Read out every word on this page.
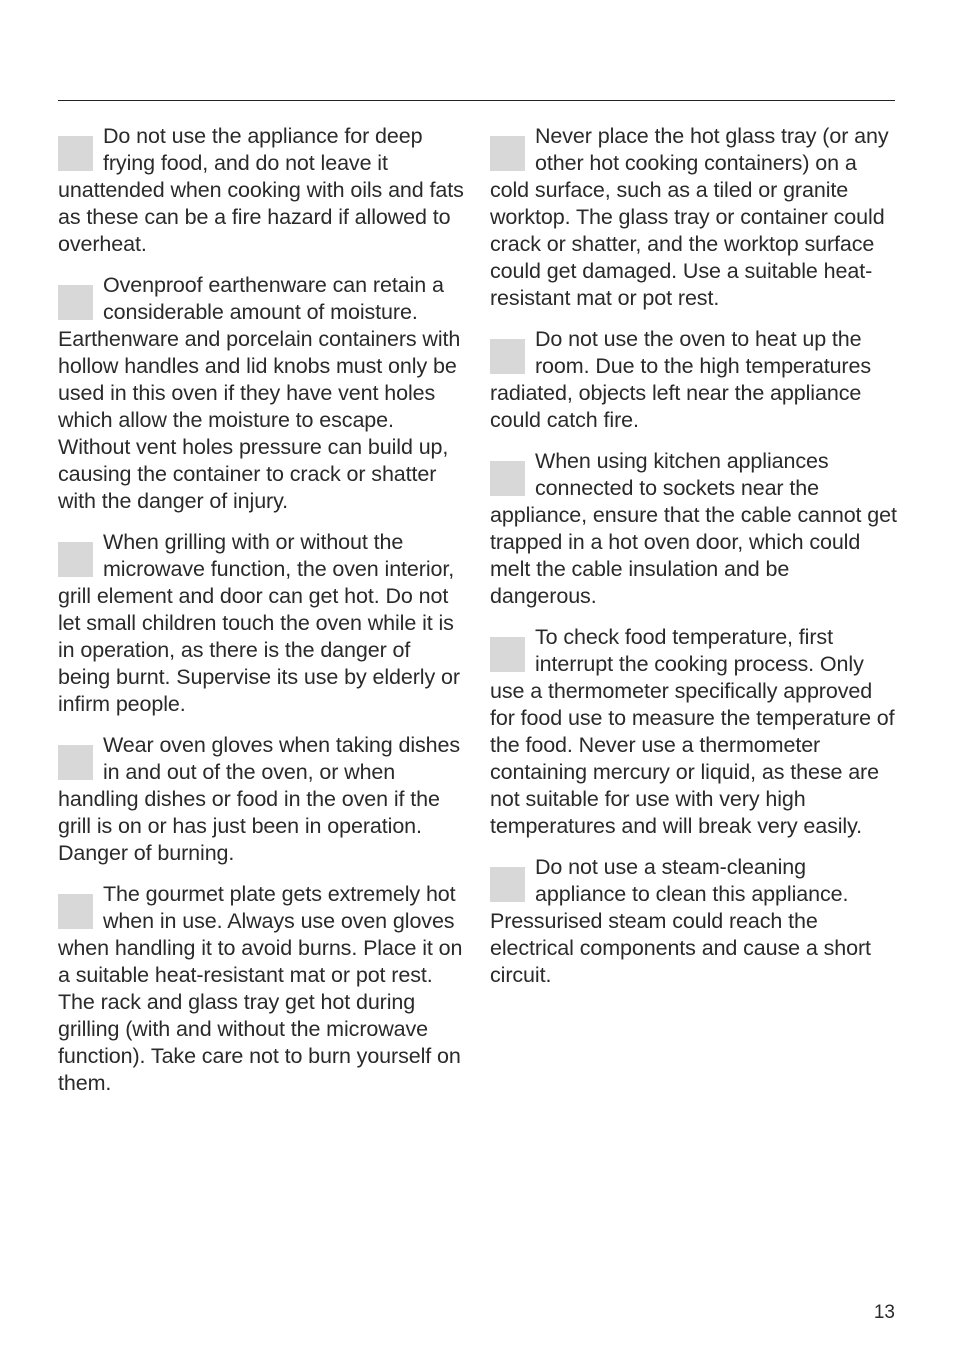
Do not use the appliance for deep frying food, and do not leave it unattended when cooking with oils and fats as these can be a fire hazard if allowed to overheat.

Ovenproof earthenware can retain a considerable amount of moisture. Earthenware and porcelain containers with hollow handles and lid knobs must only be used in this oven if they have vent holes which allow the moisture to escape. Without vent holes pressure can build up, causing the container to crack or shatter with the danger of injury.

When grilling with or without the microwave function, the oven interior, grill element and door can get hot. Do not let small children touch the oven while it is in operation, as there is the danger of being burnt. Supervise its use by elderly or infirm people.

Wear oven gloves when taking dishes in and out of the oven, or when handling dishes or food in the oven if the grill is on or has just been in operation. Danger of burning.

The gourmet plate gets extremely hot when in use. Always use oven gloves when handling it to avoid burns. Place it on a suitable heat-resistant mat or pot rest.

The rack and glass tray get hot during grilling (with and without the microwave function). Take care not to burn yourself on them.

Never place the hot glass tray (or any other hot cooking containers) on a cold surface, such as a tiled or granite worktop. The glass tray or container could crack or shatter, and the worktop surface could get damaged. Use a suitable heat-resistant mat or pot rest.

Do not use the oven to heat up the room. Due to the high temperatures radiated, objects left near the appliance could catch fire.

When using kitchen appliances connected to sockets near the appliance, ensure that the cable cannot get trapped in a hot oven door, which could melt the cable insulation and be dangerous.

To check food temperature, first interrupt the cooking process. Only use a thermometer specifically approved for food use to measure the temperature of the food. Never use a thermometer containing mercury or liquid, as these are not suitable for use with very high temperatures and will break very easily.

Do not use a steam-cleaning appliance to clean this appliance. Pressurised steam could reach the electrical components and cause a short circuit.

13
